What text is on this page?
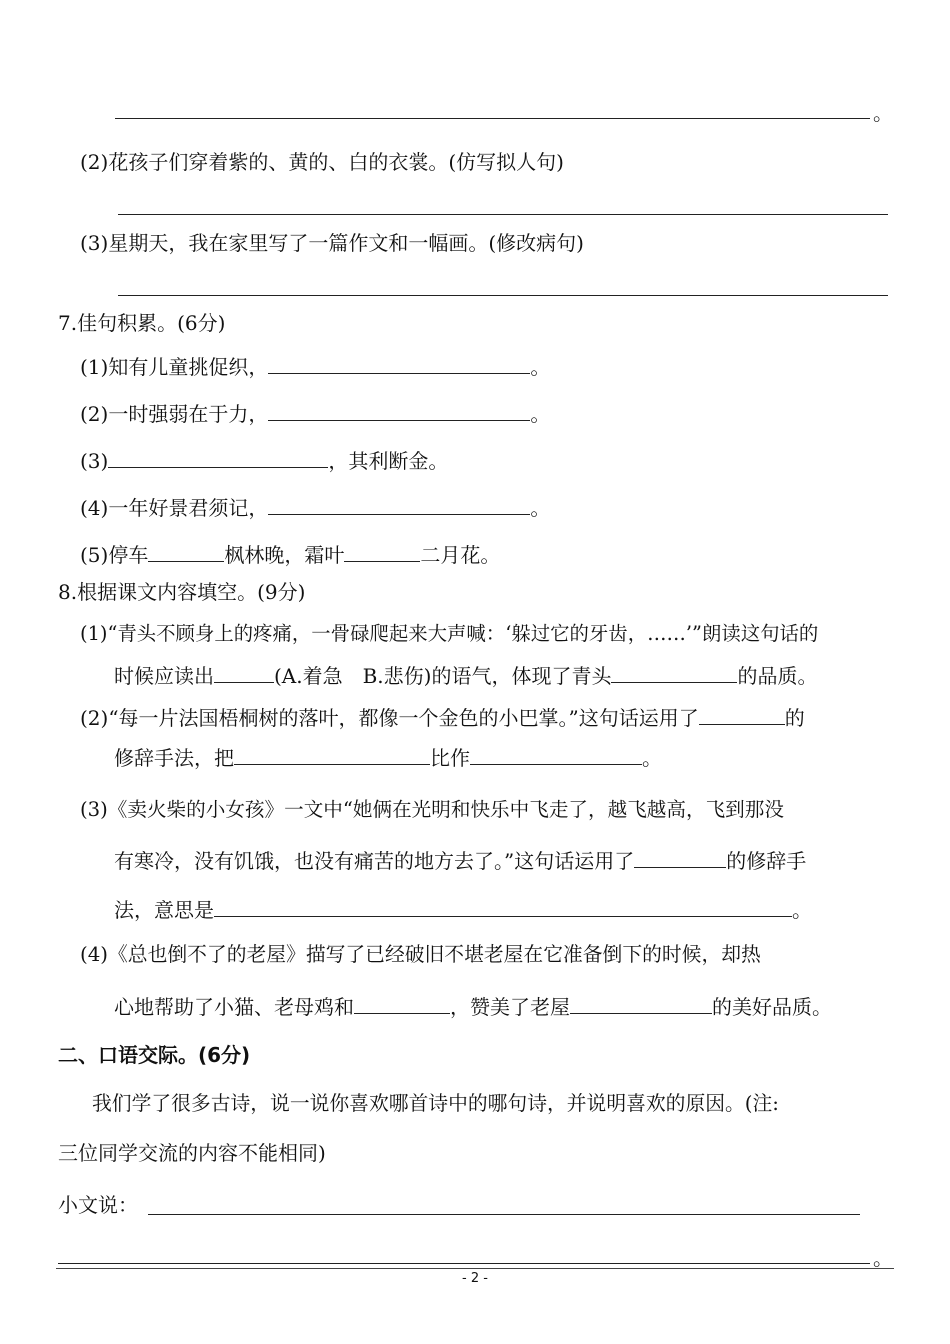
。
(2)花孩子们穿着紫的、黄的、白的衣裳。(仿写拟人句)
(3)星期天，我在家里写了一篇作文和一幅画。(修改病句)
7.佳句积累。(6分)
(1)知有儿童挑促织，	。
(2)一时强弱在于力，	。
(3)	，其利断金。
(4)一年好景君须记，	。
(5)停车	枫林晚，霜叶	二月花。
8.根据课文内容填空。(9分)
(1)“青头不顾身上的疼痛，一骨碌爬起来大声喊：‘躲过它的牙齿，……’”朗读这句话的
时候应读出	(A.着急　B.悲伤)的语气，体现了青头	的品质。
(2)“每一片法国梧桐树的落叶，都像一个金色的小巴掌。”这句话运用了	的
修辞手法，把	比作	。
(3)《卖火柴的小女孩》一文中“她俩在光明和快乐中飞走了，越飞越高，飞到那没
有寒冷，没有饥饿，也没有痛苦的地方去了。”这句话运用了	的修辞手
法，意思是	。
(4)《总也倒不了的老屋》描写了已经破旧不堪老屋在它准备倒下的时候，却热
心地帮助了小猫、老母鸡和	，赞美了老屋	的美好品质。
二、口语交际。(6分)
我们学了很多古诗，说一说你喜欢哪首诗中的哪句诗，并说明喜欢的原因。(注:
三位同学交流的内容不能相同)
小文说：
。
- 2 -
